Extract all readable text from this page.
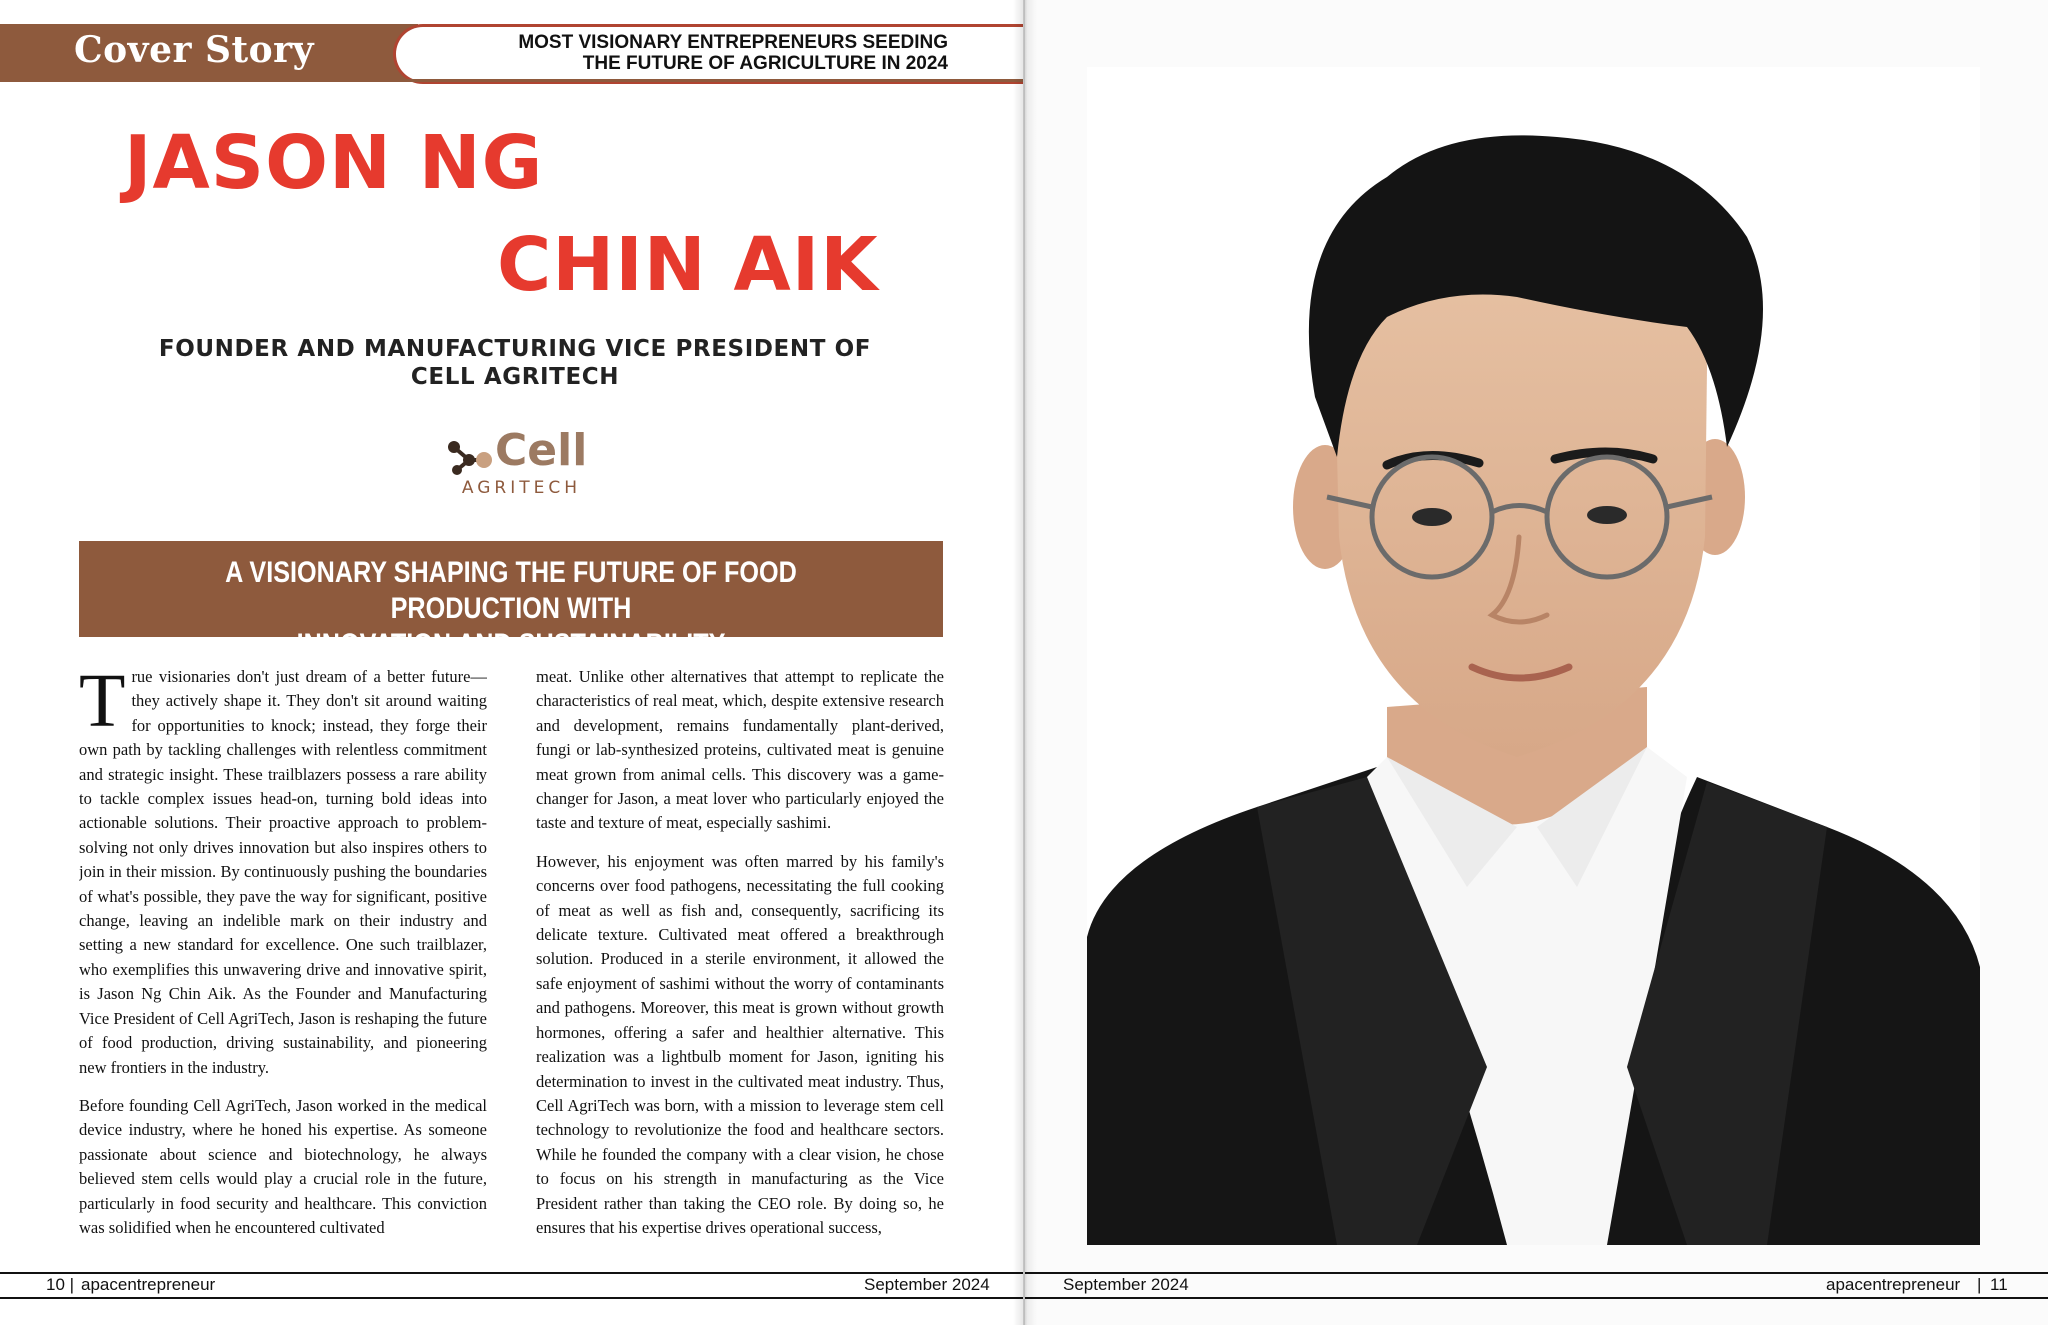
Cover Story	MOST VISIONARY ENTREPRENEURS SEEDING
THE FUTURE OF AGRICULTURE IN 2024
JASON NG
CHIN AIK
FOUNDER AND MANUFACTURING VICE PRESIDENT OF
CELL AGRITECH
Cell
AGRITECH
A VISIONARY SHAPING THE FUTURE OF FOOD PRODUCTION WITH
INNOVATION AND SUSTAINABILITY

True visionaries don't just dream of a better future—they actively shape it. They don't sit around waiting for opportunities to knock; instead, they forge their own path by tackling challenges with relentless commitment and strategic insight. These trailblazers possess a rare ability to tackle complex issues head-on, turning bold ideas into actionable solutions. Their proactive approach to problem-solving not only drives innovation but also inspires others to join in their mission. By continuously pushing the boundaries of what's possible, they pave the way for significant, positive change, leaving an indelible mark on their industry and setting a new standard for excellence. One such trailblazer, who exemplifies this unwavering drive and innovative spirit, is Jason Ng Chin Aik. As the Founder and Manufacturing Vice President of Cell AgriTech, Jason is reshaping the future of food production, driving sustainability, and pioneering new frontiers in the industry.

Before founding Cell AgriTech, Jason worked in the medical device industry, where he honed his expertise. As someone passionate about science and biotechnology, he always believed stem cells would play a crucial role in the future, particularly in food security and healthcare. This conviction was solidified when he encountered cultivated

meat. Unlike other alternatives that attempt to replicate the characteristics of real meat, which, despite extensive research and development, remains fundamentally plant-derived, fungi or lab-synthesized proteins, cultivated meat is genuine meat grown from animal cells. This discovery was a game-changer for Jason, a meat lover who particularly enjoyed the taste and texture of meat, especially sashimi.

However, his enjoyment was often marred by his family's concerns over food pathogens, necessitating the full cooking of meat as well as fish and, consequently, sacrificing its delicate texture. Cultivated meat offered a breakthrough solution. Produced in a sterile environment, it allowed the safe enjoyment of sashimi without the worry of contaminants and pathogens. Moreover, this meat is grown without growth hormones, offering a safer and healthier alternative. This realization was a lightbulb moment for Jason, igniting his determination to invest in the cultivated meat industry. Thus, Cell AgriTech was born, with a mission to leverage stem cell technology to revolutionize the food and healthcare sectors. While he founded the company with a clear vision, he chose to focus on his strength in manufacturing as the Vice President rather than taking the CEO role. By doing so, he ensures that his expertise drives operational success,

10 | apacentrepreneur	September 2024	September 2024	apacentrepreneur | 11
